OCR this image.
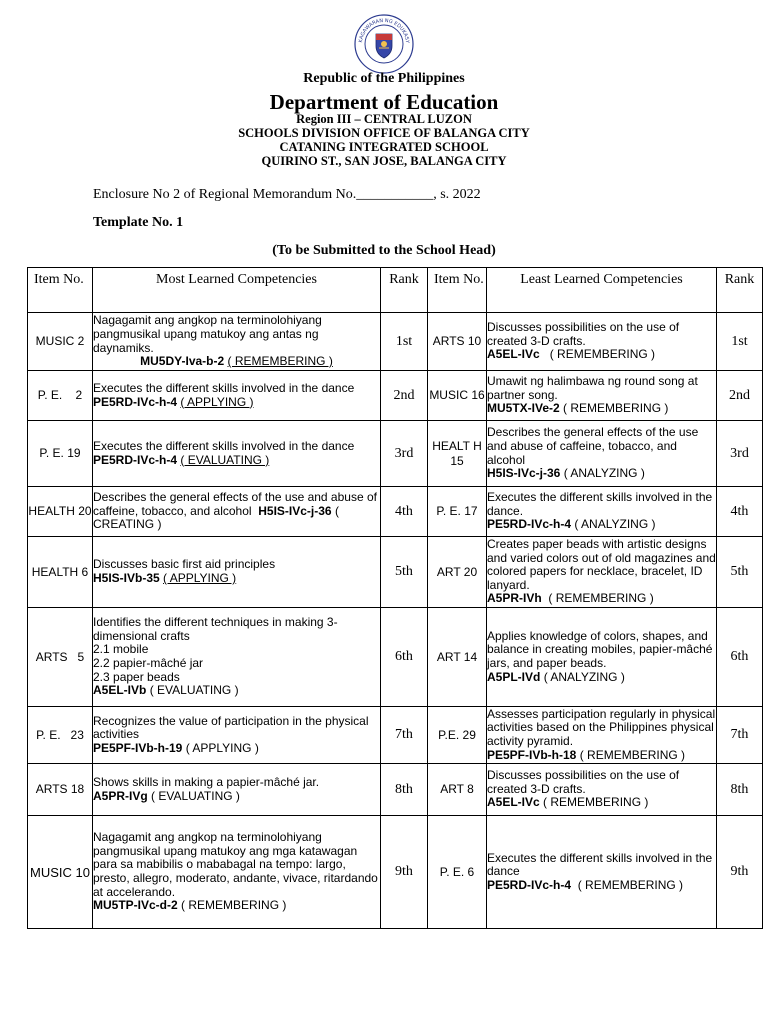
KAGAWARAN NG EDUKASY
Republic of the Philippines
Department of Education
Region III – CENTRAL LUZON
SCHOOLS DIVISION OFFICE OF BALANGA CITY
CATANING INTEGRATED SCHOOL
QUIRINO ST., SAN JOSE, BALANGA CITY
Enclosure No 2 of Regional Memorandum No.___________, s. 2022
Template No. 1
(To be Submitted to the School Head)
Item No.	Most Learned Competencies	Rank	Item No.	Least Learned Competencies	Rank
MUSIC 2	Nagagamit ang angkop na terminolohiyang pangmusikal upang matukoy ang antas ng daynamiks.
MU5DY-Iva-b-2 ( REMEMBERING )	1st	ARTS 10	Discusses possibilities on the use of created 3-D crafts.
A5EL-IVc ( REMEMBERING )	1st
P. E.    2	Executes the different skills involved in the dance
PE5RD-IVc-h-4 ( APPLYING )	2nd	MUSIC 16	Umawit ng halimbawa ng round song at partner song.
MU5TX-IVe-2 ( REMEMBERING )	2nd
P. E. 19	Executes the different skills involved in the dance
PE5RD-IVc-h-4 ( EVALUATING )	3rd	HEALT H  15	Describes the general effects of the use and abuse of caffeine, tobacco, and alcohol
H5IS-IVc-j-36 ( ANALYZING )	3rd
HEALTH 20	Describes the general effects of the use and abuse of caffeine, tobacco, and alcohol H5IS-IVc-j-36 ( CREATING )	4th	P. E. 17	Executes the different skills involved in the dance.
PE5RD-IVc-h-4 ( ANALYZING )	4th
HEALTH 6	Discusses basic first aid principles
H5IS-IVb-35 ( APPLYING )	5th	ART 20	Creates paper beads with artistic designs and varied colors out of old magazines and colored papers for necklace, bracelet, ID lanyard.
A5PR-IVh ( REMEMBERING )	5th
ARTS   5	Identifies the different techniques in making 3-dimensional crafts
2.1 mobile
2.2 papier-mâché jar
2.3 paper beads
A5EL-IVb ( EVALUATING )	6th	ART 14	Applies knowledge of colors, shapes, and balance in creating mobiles, papier-mâché jars, and paper beads.
A5PL-IVd ( ANALYZING )	6th
P. E.   23	Recognizes the value of participation in the physical activities
PE5PF-IVb-h-19 ( APPLYING )	7th	P.E. 29	Assesses participation regularly in physical activities based on the Philippines physical activity pyramid.
PE5PF-IVb-h-18 ( REMEMBERING )	7th
ARTS 18	Shows skills in making a papier-mâché jar.
A5PR-IVg ( EVALUATING )	8th	ART 8	Discusses possibilities on the use of created 3-D crafts.
A5EL-IVc ( REMEMBERING )	8th
MUSIC 10	Nagagamit ang angkop na terminolohiyang pangmusikal upang matukoy ang mga katawagan para sa mabibilis o mababagal na tempo: largo, presto, allegro, moderato, andante, vivace, ritardando at accelerando.
MU5TP-IVc-d-2 ( REMEMBERING )	9th	P. E. 6	Executes the different skills involved in the dance
PE5RD-IVc-h-4 ( REMEMBERING )	9th
